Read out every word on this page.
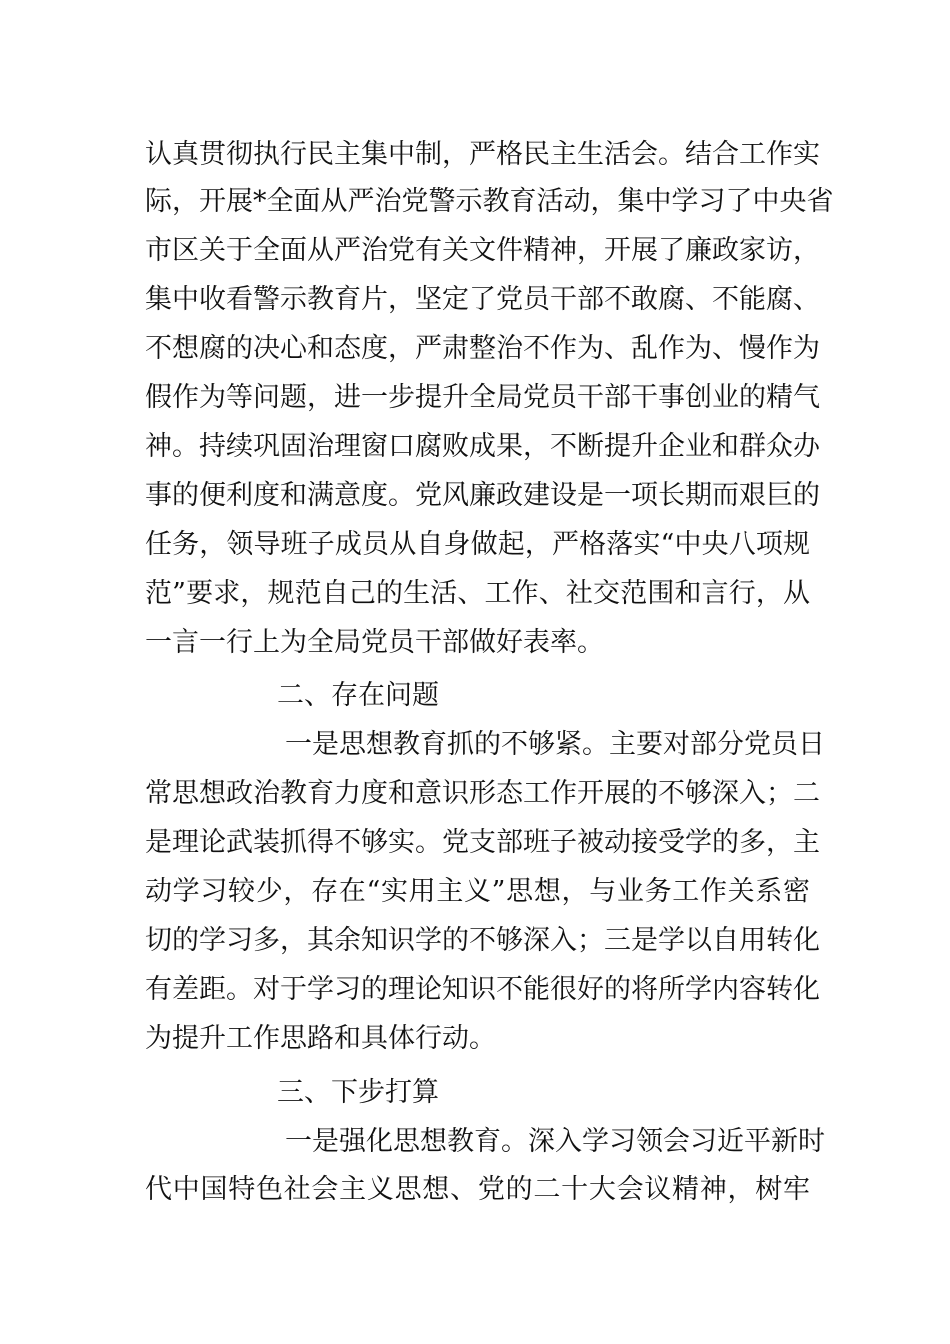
认真贯彻执行民主集中制，严格民主生活会。结合工作实
际，开展*全面从严治党警示教育活动，集中学习了中央省
市区关于全面从严治党有关文件精神，开展了廉政家访，
集中收看警示教育片，坚定了党员干部不敢腐、不能腐、
不想腐的决心和态度，严肃整治不作为、乱作为、慢作为
假作为等问题，进一步提升全局党员干部干事创业的精气
神。持续巩固治理窗口腐败成果，不断提升企业和群众办
事的便利度和满意度。党风廉政建设是一项长期而艰巨的
任务，领导班子成员从自身做起，严格落实“中央八项规
范”要求，规范自己的生活、工作、社交范围和言行，从
一言一行上为全局党员干部做好表率。
二、存在问题
一是思想教育抓的不够紧。主要对部分党员日
常思想政治教育力度和意识形态工作开展的不够深入；二
是理论武装抓得不够实。党支部班子被动接受学的多，主
动学习较少，存在“实用主义”思想，与业务工作关系密
切的学习多，其余知识学的不够深入；三是学以自用转化
有差距。对于学习的理论知识不能很好的将所学内容转化
为提升工作思路和具体行动。
三、下步打算
一是强化思想教育。深入学习领会习近平新时
代中国特色社会主义思想、党的二十大会议精神，树牢
